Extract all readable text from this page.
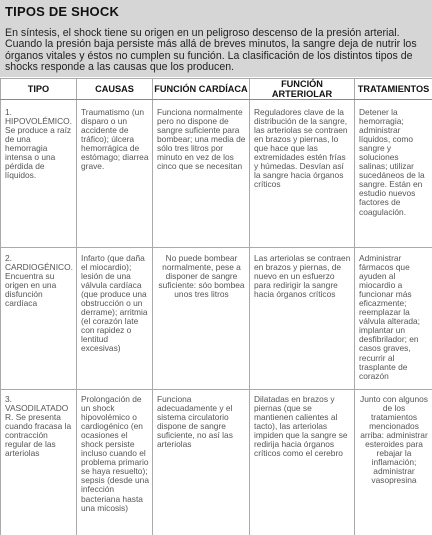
TIPOS DE SHOCK
En síntesis, el shock tiene su origen en un peligroso descenso de la presión arterial. Cuando la presión baja persiste más allá de breves minutos, la sangre deja de nutrir los órganos vitales y éstos no cumplen su función. La clasificación de los distintos tipos de shocks responde a las causas que los producen.
TIPO	CAUSAS	FUNCIÓN CARDÍACA	FUNCIÓN ARTERIOLAR	TRATAMIENTOS
1. HIPOVOLÉMICO. Se produce a raíz de una hemorragia intensa o una pérdida de líquidos.	Traumatismo (un disparo o un accidente de tráfico); úlcera hemorrágica de estómago; diarrea grave.	Funciona normalmente pero no dispone de sangre suficiente para bombear; una media de sólo tres litros por minuto en vez de los cinco que se necesitan	Reguladores clave de la distribución de la sangre, las arteriolas se contraen en brazos y piernas, lo que hace que las extremidades estén frías y húmedas. Desvían así la sangre hacia órganos críticos	Detener la hemorragia; administrar líquidos, como sangre y soluciones salinas; utilizar sucedáneos de la sangre. Están en estudio nuevos factores de coagulación.
2. CARDIOGÉNICO. Encuentra su origen en una disfunción cardíaca	Infarto (que daña el miocardio); lesión de una válvula cardíaca (que produce una obstrucción o un derrame); arritmia (el corazón late con rapidez o lentitud excesivas)	No puede bombear normalmente, pese a disponer de sangre suficiente: sóo bombea unos tres litros	Las arteriolas se contraen en brazos y piernas, de nuevo en un esfuerzo para redirigir la sangre hacia órganos críticos	Administrar fármacos que ayuden al miocardio a funcionar más eficazmente; reemplazar la válvula alterada; implantar un desfibrilador; en casos graves, recurrir al trasplante de corazón
3. VASODILATADO R. Se presenta cuando fracasa la contracción regular de las arteriolas	Prolongación de un shock hipovolémico o cardiogénico (en ocasiones el shock persiste incluso cuando el problema primario se haya resuelto); sepsis (desde una infección bacteriana hasta una micosis)	Funciona adecuadamente y el sistema circulatorio dispone de sangre suficiente, no así las arteriolas	Dilatadas en brazos y piernas (que se mantienen calientes al tacto), las arteriolas impiden que la sangre se redirija hacia órganos críticos como el cerebro	Junto con algunos de los tratamientos mencionados arriba: administrar esteroides para rebajar la inflamación; administrar vasopresina
